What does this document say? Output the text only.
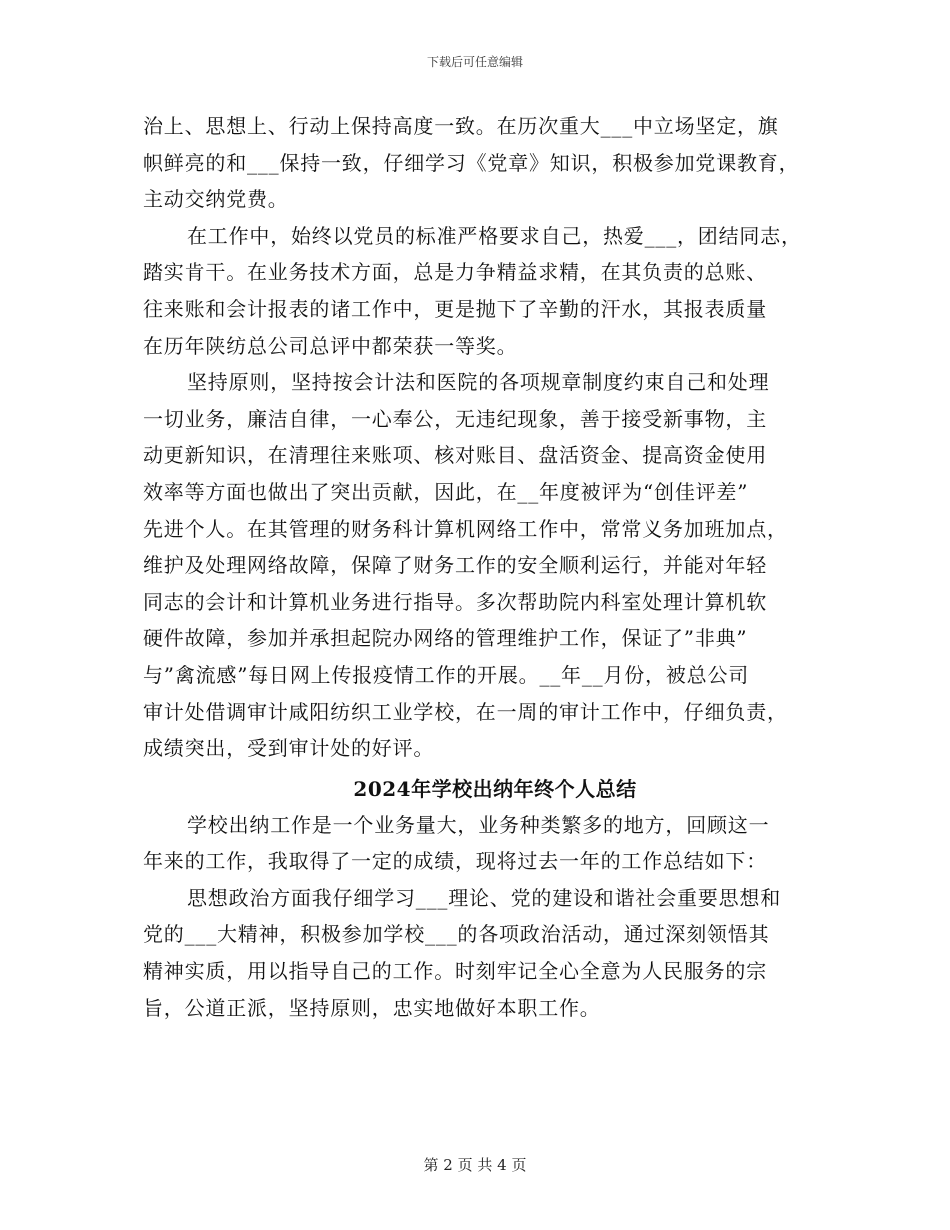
下载后可任意编辑
治上、思想上、行动上保持高度一致。在历次重大___中立场坚定，旗
帜鲜亮的和___保持一致，仔细学习《党章》知识，积极参加党课教育，
主动交纳党费。
在工作中，始终以党员的标准严格要求自己，热爱___，团结同志，
踏实肯干。在业务技术方面，总是力争精益求精，在其负责的总账、
往来账和会计报表的诸工作中，更是抛下了辛勤的汗水，其报表质量
在历年陕纺总公司总评中都荣获一等奖。
坚持原则，坚持按会计法和医院的各项规章制度约束自己和处理
一切业务，廉洁自律，一心奉公，无违纪现象，善于接受新事物，主
动更新知识，在清理往来账项、核对账目、盘活资金、提高资金使用
效率等方面也做出了突出贡献，因此，在__年度被评为“创佳评差”
先进个人。在其管理的财务科计算机网络工作中，常常义务加班加点，
维护及处理网络故障，保障了财务工作的安全顺利运行，并能对年轻
同志的会计和计算机业务进行指导。多次帮助院内科室处理计算机软
硬件故障，参加并承担起院办网络的管理维护工作，保证了”非典”
与”禽流感”每日网上传报疫情工作的开展。__年__月份，被总公司
审计处借调审计咸阳纺织工业学校，在一周的审计工作中，仔细负责，
成绩突出，受到审计处的好评。
2024年学校出纳年终个人总结
学校出纳工作是一个业务量大，业务种类繁多的地方，回顾这一
年来的工作，我取得了一定的成绩，现将过去一年的工作总结如下：
思想政治方面我仔细学习___理论、党的建设和谐社会重要思想和
党的___大精神，积极参加学校___的各项政治活动，通过深刻领悟其
精神实质，用以指导自己的工作。时刻牢记全心全意为人民服务的宗
旨，公道正派，坚持原则，忠实地做好本职工作。
第 2 页 共 4 页
